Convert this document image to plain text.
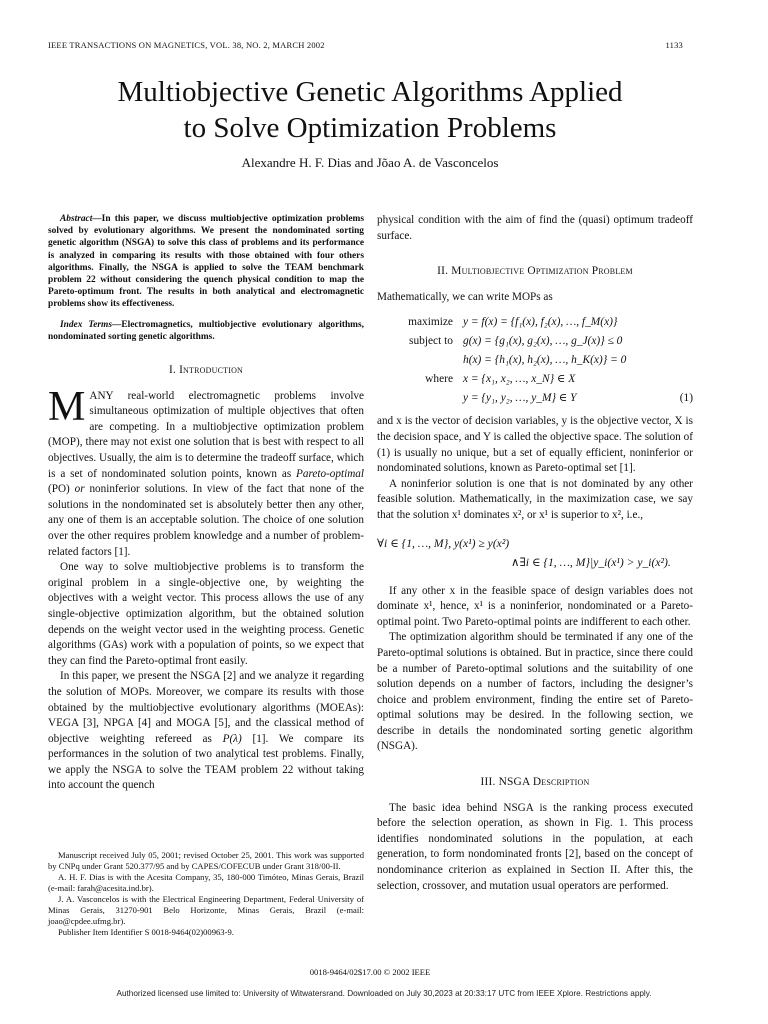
IEEE TRANSACTIONS ON MAGNETICS, VOL. 38, NO. 2, MARCH 2002	1133
Multiobjective Genetic Algorithms Applied
to Solve Optimization Problems
Alexandre H. F. Dias and Jõao A. de Vasconcelos

Abstract—In this paper, we discuss multiobjective optimization problems solved by evolutionary algorithms. We present the nondominated sorting genetic algorithm (NSGA) to solve this class of problems and its performance is analyzed in comparing its results with those obtained with four others algorithms. Finally, the NSGA is applied to solve the TEAM benchmark problem 22 without considering the quench physical condition to map the Pareto-optimum front. The results in both analytical and electromagnetic problems show its effectiveness.

Index Terms—Electromagnetics, multiobjective evolutionary algorithms, nondominated sorting genetic algorithms.

I. Introduction

MANY real-world electromagnetic problems involve simultaneous optimization of multiple objectives that often are competing. In a multiobjective optimization problem (MOP), there may not exist one solution that is best with respect to all objectives. Usually, the aim is to determine the tradeoff surface, which is a set of nondominated solution points, known as Pareto-optimal (PO) or noninferior solutions. In view of the fact that none of the solutions in the nondominated set is absolutely better then any other, any one of them is an acceptable solution. The choice of one solution over the other requires problem knowledge and a number of problem-related factors [1].

One way to solve multiobjective problems is to transform the original problem in a single-objective one, by weighting the objectives with a weight vector. This process allows the use of any single-objective optimization algorithm, but the obtained solution depends on the weight vector used in the weighting process. Genetic algorithms (GAs) work with a population of points, so we expect that they can find the Pareto-optimal front easily.

In this paper, we present the NSGA [2] and we analyze it regarding the solution of MOPs. Moreover, we compare its results with those obtained by the multiobjective evolutionary algorithms (MOEAs): VEGA [3], NPGA [4] and MOGA [5], and the classical method of objective weighting refereed as P(λ) [1]. We compare its performances in the solution of two analytical test problems. Finally, we apply the NSGA to solve the TEAM problem 22 without taking into account the quench

Manuscript received July 05, 2001; revised October 25, 2001. This work was supported by CNPq under Grant 520.377/95 and by CAPES/COFECUB under Grant 318/00-II.

A. H. F. Dias is with the Acesita Company, 35, 180-000 Timóteo, Minas Gerais, Brazil (e-mail: farah@acesita.ind.br).

J. A. Vasconcelos is with the Electrical Engineering Department, Federal University of Minas Gerais, 31270-901 Belo Horizonte, Minas Gerais, Brazil (e-mail: joao@cpdee.ufmg.br).

Publisher Item Identifier S 0018-9464(02)00963-9.

physical condition with the aim of find the (quasi) optimum tradeoff surface.

II. Multiobjective Optimization Problem

Mathematically, we can write MOPs as

maximize y = f(x) = {f₁(x), f₂(x), …, f_M(x)}
subject to g(x) = {g₁(x), g₂(x), …, g_J(x)} ≤ 0
h(x) = {h₁(x), h₂(x), …, h_K(x)} = 0
where x = {x₁, x₂, …, x_N} ∈ X
y = {y₁, y₂, …, y_M} ∈ Y	(1)

and x is the vector of decision variables, y is the objective vector, X is the decision space, and Y is called the objective space. The solution of (1) is usually no unique, but a set of equally efficient, noninferior or nondominated solutions, known as Pareto-optimal set [1].

A noninferior solution is one that is not dominated by any other feasible solution. Mathematically, in the maximization case, we say that the solution x¹ dominates x², or x¹ is superior to x², i.e.,

∀i ∈ {1, …, M}, y(x¹) ≥ y(x²)
∧∃i ∈ {1, …, M}|y_i(x¹) > y_i(x²).

If any other x in the feasible space of design variables does not dominate x¹, hence, x¹ is a noninferior, nondominated or a Pareto-optimal point. Two Pareto-optimal points are indifferent to each other.

The optimization algorithm should be terminated if any one of the Pareto-optimal solutions is obtained. But in practice, since there could be a number of Pareto-optimal solutions and the suitability of one solution depends on a number of factors, including the designer’s choice and problem environment, finding the entire set of Pareto-optimal solutions may be desired. In the following section, we describe in details the nondominated sorting genetic algorithm (NSGA).

III. NSGA Description

The basic idea behind NSGA is the ranking process executed before the selection operation, as shown in Fig. 1. This process identifies nondominated solutions in the population, at each generation, to form nondominated fronts [2], based on the concept of nondominance criterion as explained in Section II. After this, the selection, crossover, and mutation usual operators are performed.

0018-9464/02$17.00 © 2002 IEEE
Authorized licensed use limited to: University of Witwatersrand. Downloaded on July 30,2023 at 20:33:17 UTC from IEEE Xplore. Restrictions apply.
